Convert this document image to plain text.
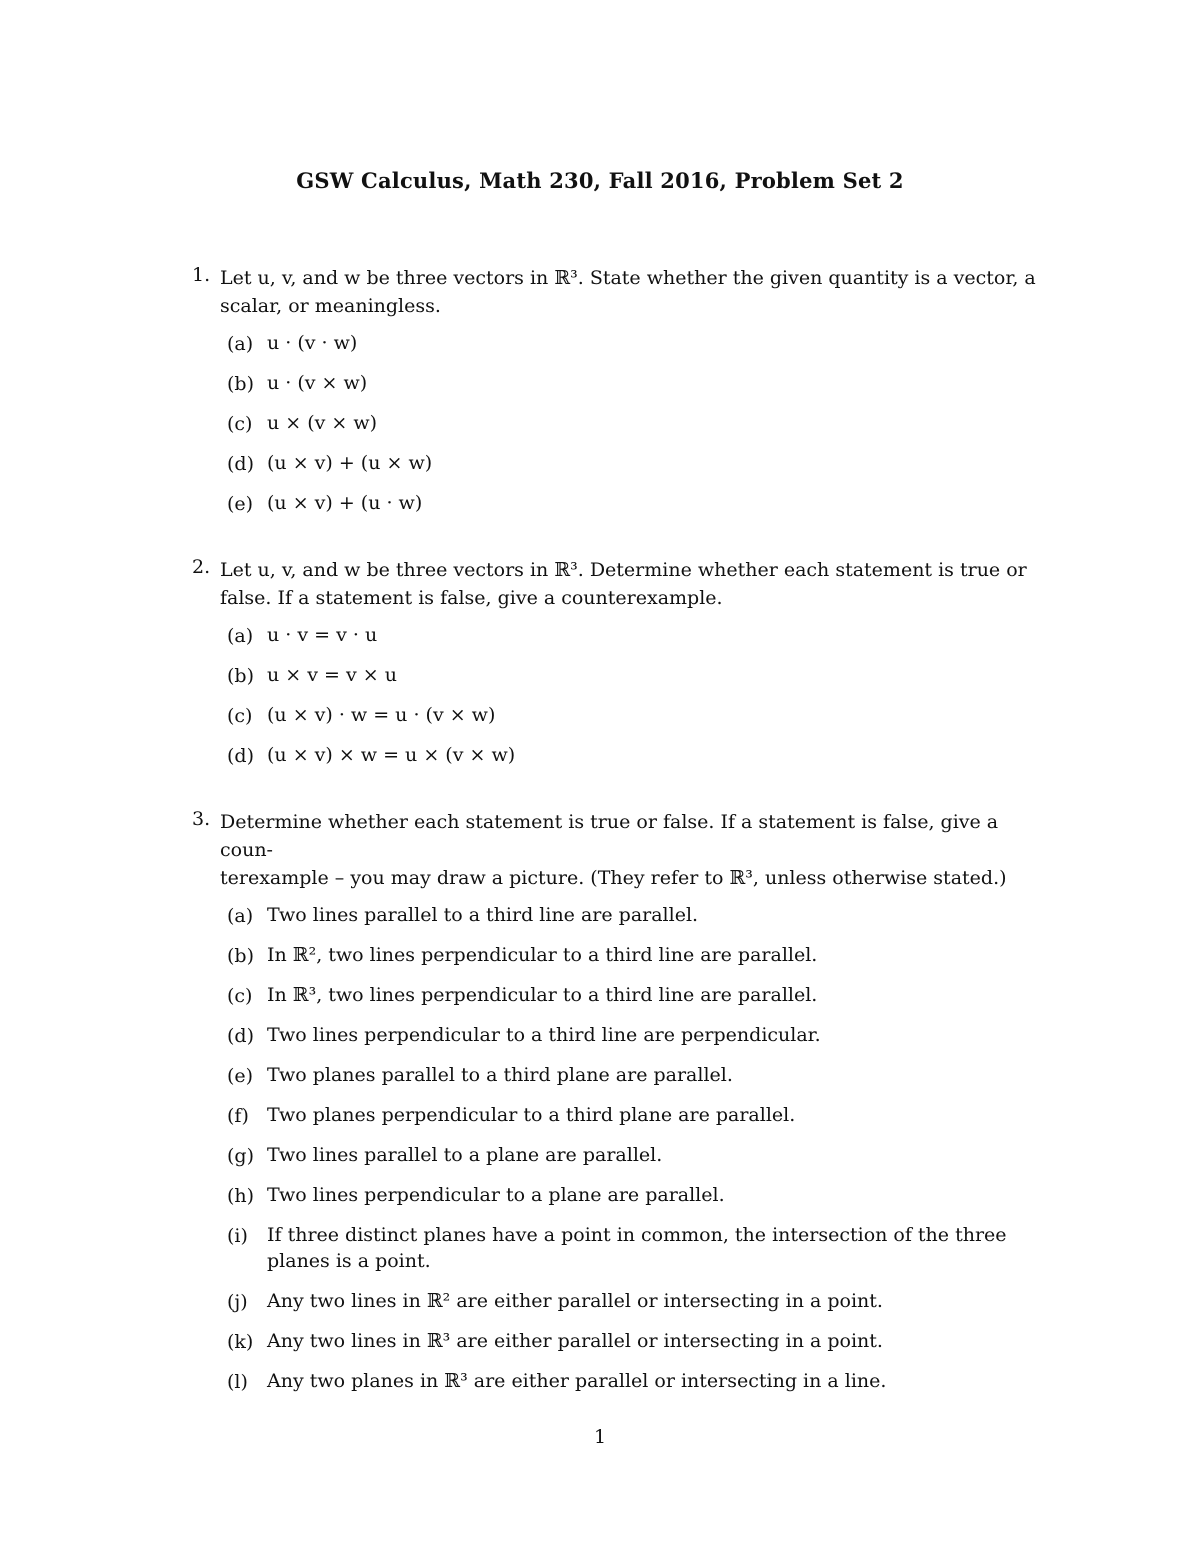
GSW Calculus, Math 230, Fall 2016, Problem Set 2
1. Let u, v, and w be three vectors in ℝ³. State whether the given quantity is a vector, a
scalar, or meaningless.
(a) u · (v · w)
(b) u · (v × w)
(c) u × (v × w)
(d) (u × v) + (u × w)
(e) (u × v) + (u · w)
2. Let u, v, and w be three vectors in ℝ³. Determine whether each statement is true or
false. If a statement is false, give a counterexample.
(a) u · v = v · u
(b) u × v = v × u
(c) (u × v) · w = u · (v × w)
(d) (u × v) × w = u × (v × w)
3. Determine whether each statement is true or false. If a statement is false, give a coun-
terexample – you may draw a picture. (They refer to ℝ³, unless otherwise stated.)
(a) Two lines parallel to a third line are parallel.
(b) In ℝ², two lines perpendicular to a third line are parallel.
(c) In ℝ³, two lines perpendicular to a third line are parallel.
(d) Two lines perpendicular to a third line are perpendicular.
(e) Two planes parallel to a third plane are parallel.
(f) Two planes perpendicular to a third plane are parallel.
(g) Two lines parallel to a plane are parallel.
(h) Two lines perpendicular to a plane are parallel.
(i)	If three distinct planes have a point in common, the intersection of the three planes is a point.
(j)	Any two lines in ℝ² are either parallel or intersecting in a point.
(k) Any two lines in ℝ³ are either parallel or intersecting in a point.
(l)	Any two planes in ℝ³ are either parallel or intersecting in a line.
1
